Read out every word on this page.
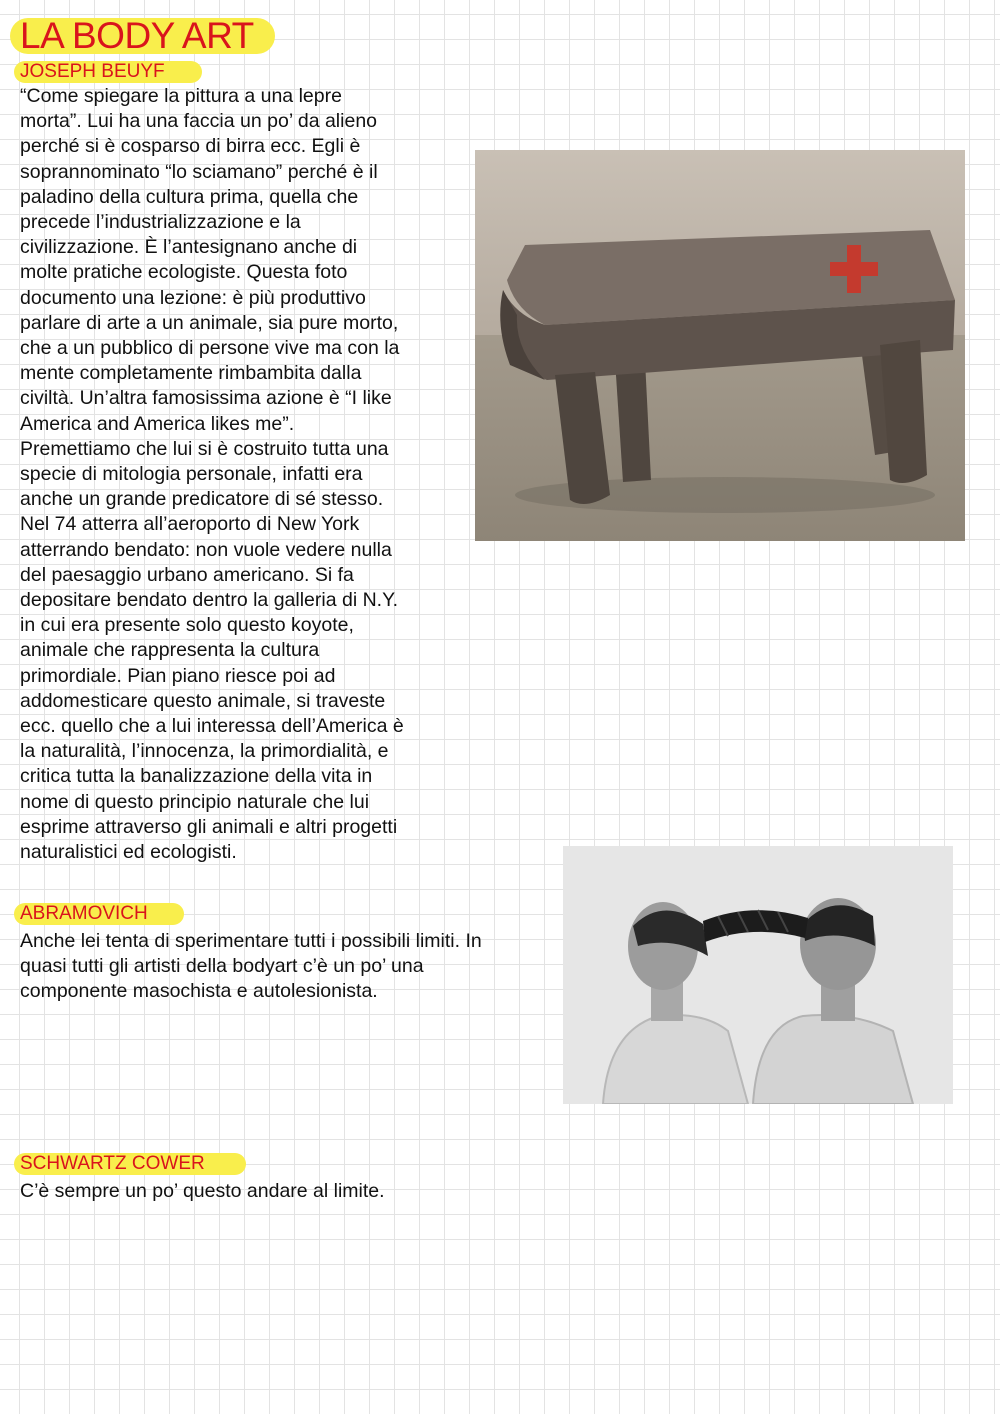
LA BODY ART
JOSEPH BEUYF

“Come spiegare la pittura a una lepre
morta”. Lui ha una faccia un po’ da alieno
perché si è cosparso di birra ecc. Egli è
soprannominato “lo sciamano” perché è il
paladino della cultura prima, quella che
precede l’industrializzazione e la
civilizzazione. È l’antesignano anche di
molte pratiche ecologiste. Questa foto
documento una lezione: è più produttivo
parlare di arte a un animale, sia pure morto,
che a un pubblico di persone vive ma con la
mente completamente rimbambita dalla
civiltà. Un’altra famosissima azione è “I like
America and America likes me”.
Premettiamo che lui si è costruito tutta una
specie di mitologia personale, infatti era
anche un grande predicatore di sé stesso.
Nel 74 atterra all’aeroporto di New York
atterrando bendato: non vuole vedere nulla
del paesaggio urbano americano. Si fa
depositare bendato dentro la galleria di N.Y.
in cui era presente solo questo koyote,
animale che rappresenta la cultura
primordiale. Pian piano riesce poi ad
addomesticare questo animale, si traveste
ecc. quello che a lui interessa dell’America è
la naturalità, l’innocenza, la primordialità, e
critica tutta la banalizzazione della vita in
nome di questo principio naturale che lui
esprime attraverso gli animali e altri progetti
naturalistici ed ecologisti.

ABRAMOVICH

Anche lei tenta di sperimentare tutti i possibili limiti. In
quasi tutti gli artisti della bodyart c’è un po’ una
componente masochista e autolesionista.

SCHWARTZ COWER

C’è sempre un po’ questo andare al limite.
